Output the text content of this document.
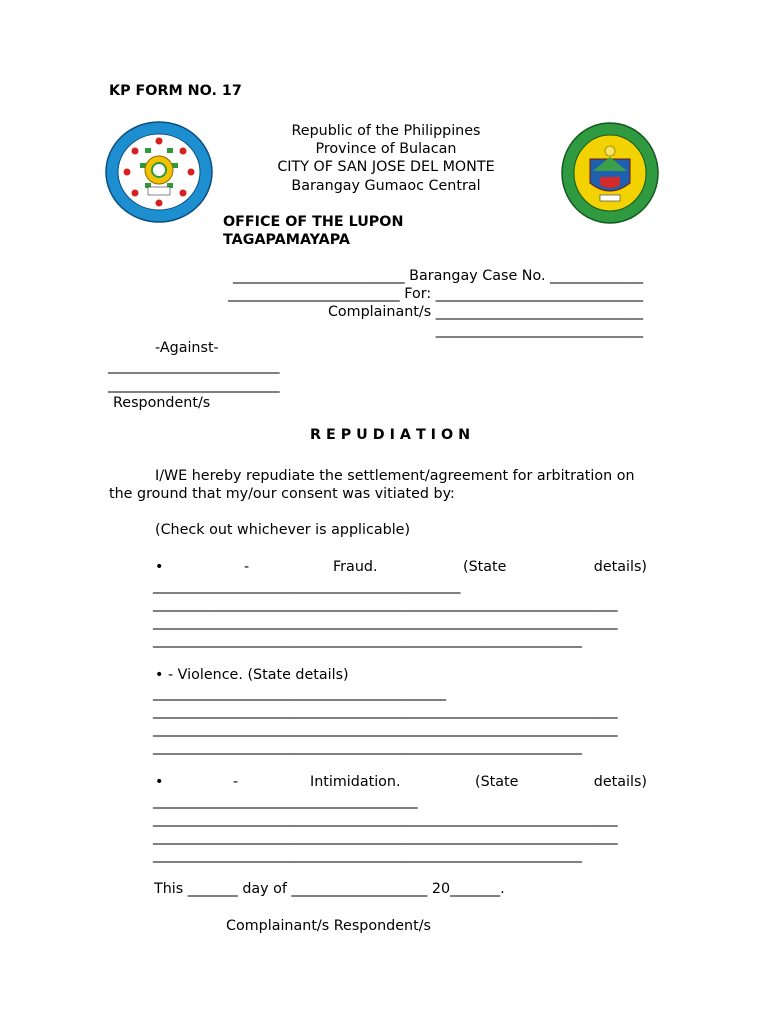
KP FORM NO. 17
Republic of the Philippines
Province of Bulacan
CITY OF SAN JOSE DEL MONTE
Barangay Gumaoc Central
OFFICE OF THE LUPON
TAGAPAMAYAPA
________________________ Barangay Case No. _____________
________________________ For: _____________________________
Complainant/s _____________________________
_____________________________
-Against-
________________________
________________________
Respondent/s
R E P U D I A T I O N
I/WE hereby repudiate the settlement/agreement for arbitration on
the ground that my/our consent was vitiated by:
(Check out whichever is applicable)
•	-	Fraud.	(State	details)
___________________________________________
_________________________________________________________________
_________________________________________________________________
____________________________________________________________
• - Violence. (State details)
_________________________________________
_________________________________________________________________
_________________________________________________________________
____________________________________________________________
•	-	Intimidation.	(State	details)
_____________________________________
_________________________________________________________________
_________________________________________________________________
____________________________________________________________
This _______ day of ___________________ 20_______.
Complainant/s Respondent/s
